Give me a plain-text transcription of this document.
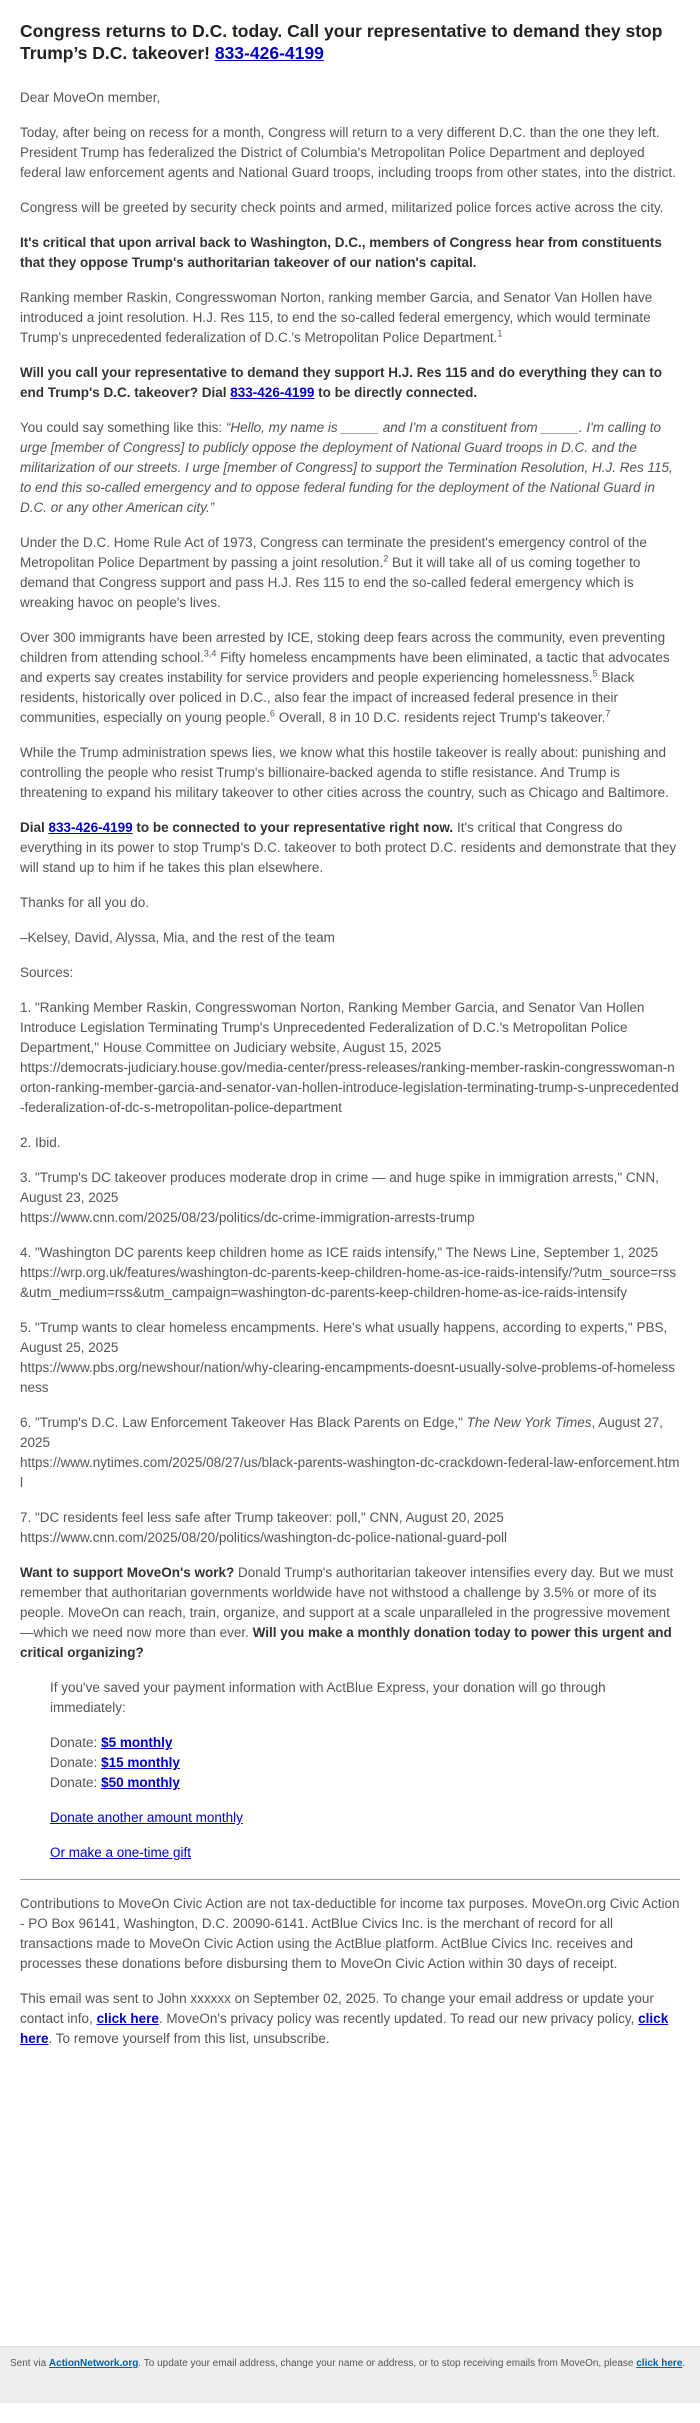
Congress returns to D.C. today. Call your representative to demand they stop Trump’s D.C. takeover! 833-426-4199

Dear MoveOn member,

Today, after being on recess for a month, Congress will return to a very different D.C. than the one they left. President Trump has federalized the District of Columbia's Metropolitan Police Department and deployed federal law enforcement agents and National Guard troops, including troops from other states, into the district.

Congress will be greeted by security check points and armed, militarized police forces active across the city.

It's critical that upon arrival back to Washington, D.C., members of Congress hear from constituents that they oppose Trump's authoritarian takeover of our nation's capital.

Ranking member Raskin, Congresswoman Norton, ranking member Garcia, and Senator Van Hollen have introduced a joint resolution. H.J. Res 115, to end the so-called federal emergency, which would terminate Trump's unprecedented federalization of D.C.'s Metropolitan Police Department.$^1$

Will you call your representative to demand they support H.J. Res 115 and do everything they can to end Trump's D.C. takeover? Dial 833-426-4199 to be directly connected.

You could say something like this: “Hello, my name is _____ and I'm a constituent from _____. I'm calling to urge [member of Congress] to publicly oppose the deployment of National Guard troops in D.C. and the militarization of our streets. I urge [member of Congress] to support the Termination Resolution, H.J. Res 115, to end this so-called emergency and to oppose federal funding for the deployment of the National Guard in D.C. or any other American city.”

Under the D.C. Home Rule Act of 1973, Congress can terminate the president's emergency control of the Metropolitan Police Department by passing a joint resolution.$^2$ But it will take all of us coming together to demand that Congress support and pass H.J. Res 115 to end the so-called federal emergency which is wreaking havoc on people's lives.

Over 300 immigrants have been arrested by ICE, stoking deep fears across the community, even preventing children from attending school.$^{3,4}$ Fifty homeless encampments have been eliminated, a tactic that advocates and experts say creates instability for service providers and people experiencing homelessness.$^5$ Black residents, historically over policed in D.C., also fear the impact of increased federal presence in their communities, especially on young people.$^6$ Overall, 8 in 10 D.C. residents reject Trump's takeover.$^7$

While the Trump administration spews lies, we know what this hostile takeover is really about: punishing and controlling the people who resist Trump's billionaire-backed agenda to stifle resistance. And Trump is threatening to expand his military takeover to other cities across the country, such as Chicago and Baltimore.

Dial 833-426-4199 to be connected to your representative right now. It's critical that Congress do everything in its power to stop Trump's D.C. takeover to both protect D.C. residents and demonstrate that they will stand up to him if he takes this plan elsewhere.

Thanks for all you do.

–Kelsey, David, Alyssa, Mia, and the rest of the team

Sources:

1. "Ranking Member Raskin, Congresswoman Norton, Ranking Member Garcia, and Senator Van Hollen Introduce Legislation Terminating Trump's Unprecedented Federalization of D.C.'s Metropolitan Police Department," House Committee on Judiciary website, August 15, 2025
https://democrats-judiciary.house.gov/media-center/press-releases/ranking-member-raskin-congresswoman-norton-ranking-member-garcia-and-senator-van-hollen-introduce-legislation-terminating-trump-s-unprecedented-federalization-of-dc-s-metropolitan-police-department

2. Ibid.

3. "Trump's DC takeover produces moderate drop in crime — and huge spike in immigration arrests," CNN, August 23, 2025
https://www.cnn.com/2025/08/23/politics/dc-crime-immigration-arrests-trump

4. "Washington DC parents keep children home as ICE raids intensify," The News Line, September 1, 2025
https://wrp.org.uk/features/washington-dc-parents-keep-children-home-as-ice-raids-intensify/?utm_source=rss&utm_medium=rss&utm_campaign=washington-dc-parents-keep-children-home-as-ice-raids-intensify

5. "Trump wants to clear homeless encampments. Here's what usually happens, according to experts," PBS, August 25, 2025
https://www.pbs.org/newshour/nation/why-clearing-encampments-doesnt-usually-solve-problems-of-homelessness

6. "Trump's D.C. Law Enforcement Takeover Has Black Parents on Edge," The New York Times, August 27, 2025
https://www.nytimes.com/2025/08/27/us/black-parents-washington-dc-crackdown-federal-law-enforcement.html

7. "DC residents feel less safe after Trump takeover: poll," CNN, August 20, 2025
https://www.cnn.com/2025/08/20/politics/washington-dc-police-national-guard-poll

Want to support MoveOn's work? Donald Trump's authoritarian takeover intensifies every day. But we must remember that authoritarian governments worldwide have not withstood a challenge by 3.5% or more of its people. MoveOn can reach, train, organize, and support at a scale unparalleled in the progressive movement—which we need now more than ever. Will you make a monthly donation today to power this urgent and critical organizing?

If you've saved your payment information with ActBlue Express, your donation will go through immediately:

Donate: $5 monthly

Donate: $15 monthly

Donate: $50 monthly

Donate another amount monthly

Or make a one-time gift

Contributions to MoveOn Civic Action are not tax-deductible for income tax purposes. MoveOn.org Civic Action - PO Box 96141, Washington, D.C. 20090-6141. ActBlue Civics Inc. is the merchant of record for all transactions made to MoveOn Civic Action using the ActBlue platform. ActBlue Civics Inc. receives and processes these donations before disbursing them to MoveOn Civic Action within 30 days of receipt.

This email was sent to John xxxxxx on September 02, 2025. To change your email address or update your contact info, click here. MoveOn's privacy policy was recently updated. To read our new privacy policy, click here. To remove yourself from this list, unsubscribe.

Sent via ActionNetwork.org. To update your email address, change your name or address, or to stop receiving emails from MoveOn, please click here.
